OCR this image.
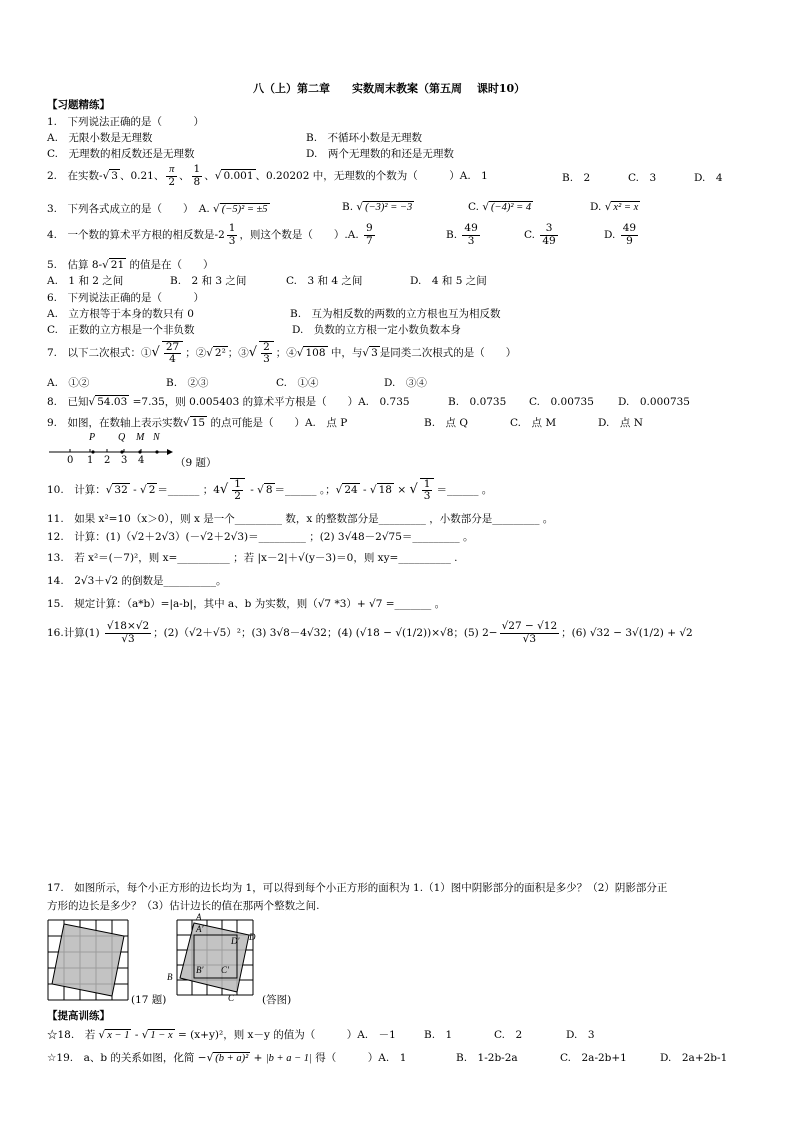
八（上）第二章　　实数周末教案（第五周　 课时10）
【习题精练】
1.　下列说法正确的是（　　　）
A.　无限小数是无理数	B.　不循环小数是无理数
C.　无理数的相反数还是无理数	D.　两个无理数的和还是无理数
2.　在实数-√ 3 、0.21、 $\frac{\pi}{2}$ 、 $\frac{1}{8}$ 、√ 0.001 、0.20202 中，无理数的个数为（　　　）A.　1	B.　2	C.　3	D.　4
3.　下列各式成立的是（　　）　A. √ (−5)² = ±5	B. √ (−3)² = −3	C. √ (−4)² = 4	D. √ x² = x
4.　一个数的算术平方根的相反数是$-2 \frac{1}{3}$ ，则这个数是（　　）.A. $\frac{9}{7}$	B. $\frac{49}{3}$	C. $\frac{3}{49}$	D. $\frac{49}{9}$
5.　估算 8-√ 21 的值是在（　　）
A.　1 和 2 之间	B.　2 和 3 之间	C.　3 和 4 之间	D.　4 和 5 之间
6.　下列说法正确的是（　　　）
A.　立方根等于本身的数只有 0	B.　互为相反数的两数的立方根也互为相反数
C.　正数的立方根是一个非负数	D.　负数的立方根一定小数负数本身
7.　以下二次根式：①√ $\frac{27}{4}$ ；②√ 2² ；③√ $\frac{2}{3}$ ；④√ 108 中，与√ 3 是同类二次根式的是（　　）
A.　①②	B.　②③	C.　①④	D.　③④
8.　已知√ 54.03 =7.35，则 0.005403 的算术平方根是（　　）A.　0.735	B.　0.0735 C.　0.00735 D.　0.000735
9.　如图，在数轴上表示实数√ 15 的点可能是（　　）A.　点 P	B.　点 Q	C.　点 M	D.　点 N
P Q M N
0 1 2 3 4	（9 题）
10.　计算：√ 32 - √ 2 ＝______ ；$4√ \frac{1}{2}$ - √ 8 ＝______ 。；√ 24 - √ 18 × √ $\frac{1}{3}$ ＝______ 。
11.　如果 x²=10（x＞0），则 x 是一个_________ 数，x 的整数部分是_________ ，小数部分是_________ 。
12.　计算：(1)（√2＋2√3）(－√2＋2√3)＝_________ ；(2) 3√48－2√75＝_________ 。
13.　若 x²＝(－7)²，则 x=__________ ；若 |x－2|＋√(y－3)＝0，则 xy=__________ .
14.　2√3＋√2 的倒数是__________。
15.　规定计算：（a*b）=|a-b|，其中 a、b 为实数，则（√7 *3）+ √7 =_______ 。
16.计算$(1) \frac{√18\times√2}{√3}$ ；(2)（√2＋√5）²；(3) 3√8－4√32；(4) (√18 − √(1/2))×√8；(5) $2- \frac{√27 - √12}{√3}$ ；(6) √32 − 3√(1/2) + √2
17.　如图所示，每个小正方形的边长均为 1，可以得到每个小正方形的面积为 1.（1）图中阴影部分的面积是多少？（2）阴影部分正
方形的边长是多少？（3）估计边长的值在那两个整数之间.
(17 题)
A′
D′ D
B′ C′
B
C
A
(答图)
【提高训练】
☆18.　若 √ x − 1 - √ 1 − x = (x+y)²，则 x－y 的值为（　　　）A.　－1	B.　1	C.　2	D.　3
☆19.　a、b 的关系如图，化简 −√ (b + a)² + |b + a − 1| 得（　　　）A.　1	B.　1-2b-2a	C.　2a-2b+1	D.　2a+2b-1
